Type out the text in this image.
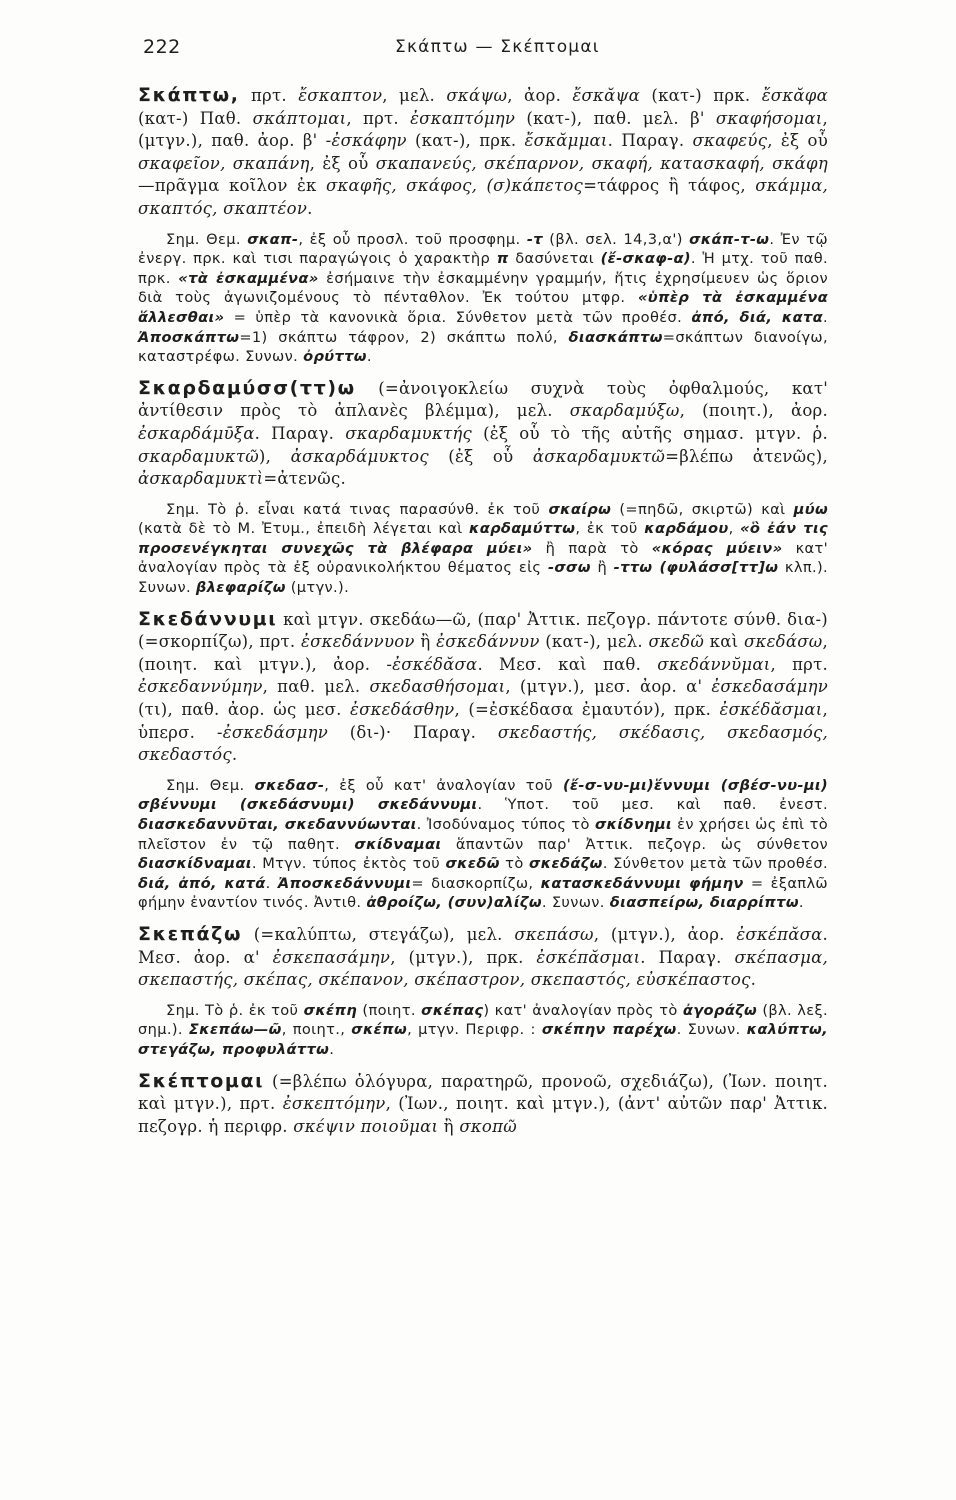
222	Σκάπτω — Σκέπτομαι

Σκάπτω, πρτ. ἔσκαπτον, μελ. σκάψω, ἀορ. ἔσκᾰψα (κατ-) πρκ. ἔσκᾰφα (κατ-) Παθ. σκάπτομαι, πρτ. ἐσκαπτόμην (κατ-), παθ. μελ. β' σκαφήσομαι, (μτγν.), παθ. ἀορ. β' -ἐσκάφην (κατ-), πρκ. ἔσκᾰμμαι. Παραγ. σκαφεύς, ἐξ οὗ σκαφεῖον, σκαπάνη, ἐξ οὗ σκαπανεύς, σκέπαρνον, σκαφή, κατασκαφή, σκάφη—πρᾶγμα κοῖλον ἐκ σκαφῆς, σκάφος, (σ)κάπετος=τάφρος ἢ τάφος, σκάμμα, σκαπτός, σκαπτέον.

Σημ. Θεμ. σκαπ-, ἐξ οὗ προσλ. τοῦ προσφημ. -τ (βλ. σελ. 14,3,α') σκάπ-τ-ω. Ἐν τῷ ἐνεργ. πρκ. καὶ τισι παραγώγοις ὁ χαρακτὴρ π δασύνεται (ἔ-σκαφ-α). Ἡ μτχ. τοῦ παθ. πρκ. «τὰ ἐσκαμμένα» ἐσήμαινε τὴν ἐσκαμμένην γραμμήν, ἥτις ἐχρησίμευεν ὡς ὅριον διὰ τοὺς ἀγωνιζομένους τὸ πένταθλον. Ἐκ τούτου μτφρ. «ὑπὲρ τὰ ἐσκαμμένα ἅλλεσθαι» = ὑπὲρ τὰ κανονικὰ ὅρια. Σύνθετον μετὰ τῶν προθέσ. ἀπό, διά, κατα. Ἀποσκάπτω=1) σκάπτω τάφρον, 2) σκάπτω πολύ, διασκάπτω=σκάπτων διανοίγω, καταστρέφω. Συνων. ὀρύττω.

Σκαρδαμύσσ(ττ)ω (=ἀνοιγοκλείω συχνὰ τοὺς ὀφθαλμούς, κατ' ἀντίθεσιν πρὸς τὸ ἀπλανὲς βλέμμα), μελ. σκαρδαμύξω, (ποιητ.), ἀορ. ἐσκαρδάμῡξα. Παραγ. σκαρδαμυκτής (ἐξ οὗ τὸ τῆς αὐτῆς σημασ. μτγν. ῥ. σκαρδαμυκτῶ), ἀσκαρδάμυκτος (ἐξ οὗ ἀσκαρδαμυκτῶ=βλέπω ἀτενῶς), ἀσκαρδαμυκτὶ=ἀτενῶς.

Σημ. Τὸ ῥ. εἶναι κατά τινας παρασύνθ. ἐκ τοῦ σκαίρω (=πηδῶ, σκιρτῶ) καὶ μύω (κατὰ δὲ τὸ Μ. Ἐτυμ., ἐπειδὴ λέγεται καὶ καρδαμύττω, ἐκ τοῦ καρδάμου, «ὃ ἐάν τις προσενέγκηται συνεχῶς τὰ βλέφαρα μύει» ἢ παρὰ τὸ «κόρας μύειν» κατ' ἀναλογίαν πρὸς τὰ ἐξ οὐρανικολήκτου θέματος εἰς -σσω ἢ -ττω (φυλάσσ[ττ]ω κλπ.). Συνων. βλεφαρίζω (μτγν.).

Σκεδάννυμι καὶ μτγν. σκεδάω—ῶ, (παρ' Ἀττικ. πεζογρ. πάντοτε σύνθ. δια-) (=σκορπίζω), πρτ. ἐσκεδάννυον ἢ ἐσκεδάννυν (κατ-), μελ. σκεδῶ καὶ σκεδάσω, (ποιητ. καὶ μτγν.), ἀορ. -ἐσκέδᾰσα. Μεσ. καὶ παθ. σκεδάννῠμαι, πρτ. ἐσκεδαννύμην, παθ. μελ. σκεδασθήσομαι, (μτγν.), μεσ. ἀορ. α' ἐσκεδασάμην (τι), παθ. ἀορ. ὡς μεσ. ἐσκεδάσθην, (=ἐσκέδασα ἐμαυτόν), πρκ. ἐσκέδᾰσμαι, ὑπερσ. -ἐσκεδάσμην (δι-)· Παραγ. σκεδαστής, σκέδασις, σκεδασμός, σκεδαστός.

Σημ. Θεμ. σκεδασ-, ἐξ οὗ κατ' ἀναλογίαν τοῦ (ἔ-σ-νυ-μι)ἕννυμι (σβέσ-νυ-μι) σβέννυμι (σκεδάσνυμι) σκεδάννυμι. Ὑποτ. τοῦ μεσ. καὶ παθ. ἐνεστ. διασκεδαννῦται, σκεδαννύωνται. Ἰσοδύναμος τύπος τὸ σκίδνημι ἐν χρήσει ὡς ἐπὶ τὸ πλεῖστον ἐν τῷ παθητ. σκίδναμαι ἅπαντῶν παρ' Ἀττικ. πεζογρ. ὡς σύνθετον διασκίδναμαι. Μτγν. τύπος ἐκτὸς τοῦ σκεδῶ τὸ σκεδάζω. Σύνθετον μετὰ τῶν προθέσ. διά, ἀπό, κατά. Ἀποσκεδάννυμι= διασκορπίζω, κατασκεδάννυμι φήμην = ἐξαπλῶ φήμην ἐναντίον τινός. Ἀντιθ. ἀθροίζω, (συν)αλίζω. Συνων. διασπείρω, διαρρίπτω.

Σκεπάζω (=καλύπτω, στεγάζω), μελ. σκεπάσω, (μτγν.), ἀορ. ἐσκέπᾰσα. Μεσ. ἀορ. α' ἐσκεπασάμην, (μτγν.), πρκ. ἐσκέπᾰσμαι. Παραγ. σκέπασμα, σκεπαστής, σκέπας, σκέπανον, σκέπαστρον, σκεπαστός, εὐσκέπαστος.

Σημ. Τὸ ῥ. ἐκ τοῦ σκέπη (ποιητ. σκέπας) κατ' ἀναλογίαν πρὸς τὸ ἀγοράζω (βλ. λεξ. σημ.). Σκεπάω—ῶ, ποιητ., σκέπω, μτγν. Περιφρ. : σκέπην παρέχω. Συνων. καλύπτω, στεγάζω, προφυλάττω.

Σκέπτομαι (=βλέπω ὁλόγυρα, παρατηρῶ, προνοῶ, σχεδιάζω), (Ἰων. ποιητ. καὶ μτγν.), πρτ. ἐσκεπτόμην, (Ἰων., ποιητ. καὶ μτγν.), (ἀντ' αὐτῶν παρ' Ἀττικ. πεζογρ. ἡ περιφρ. σκέψιν ποιοῦμαι ἢ σκοπῶ
